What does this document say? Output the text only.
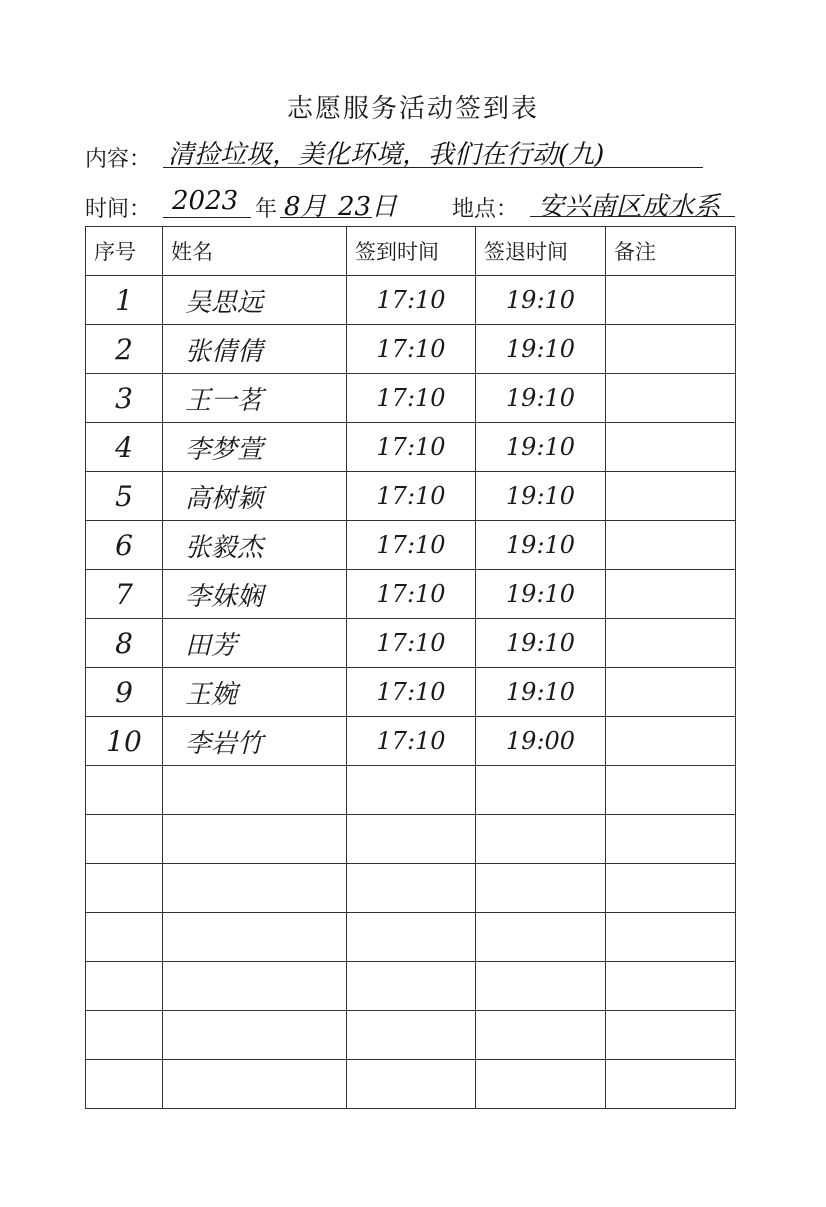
志愿服务活动签到表
内容： 清捡垃圾，美化环境，我们在行动(九)
时间： 2023 年 8月 23日 地点： 安兴南区成水系
序号	姓名	签到时间	签退时间	备注
1	吴思远	17:10	19:10	
2	张倩倩	17:10	19:10	
3	王一茗	17:10	19:10	
4	李梦萱	17:10	19:10	
5	高树颖	17:10	19:10	
6	张毅杰	17:10	19:10	
7	李妹娴	17:10	19:10	
8	田芳	17:10	19:10	
9	王婉	17:10	19:10	
10	李岩竹	17:10	19:00	
